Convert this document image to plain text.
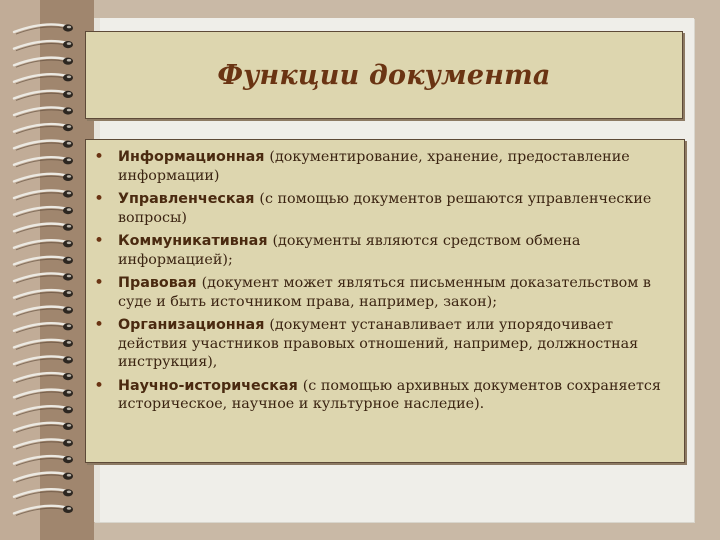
Функции документа
• Информационная (документирование, хранение, предоставление информации)
• Управленческая (с помощью документов решаются управленческие вопросы)
• Коммуникативная (документы являются средством обмена информацией);
• Правовая (документ может являться письменным доказательством в суде и быть источником права, например, закон);
• Организационная (документ устанавливает или упорядочивает действия участников правовых отношений, например, должностная инструкция),
• Научно-историческая (с помощью архивных документов сохраняется историческое, научное и культурное наследие).
